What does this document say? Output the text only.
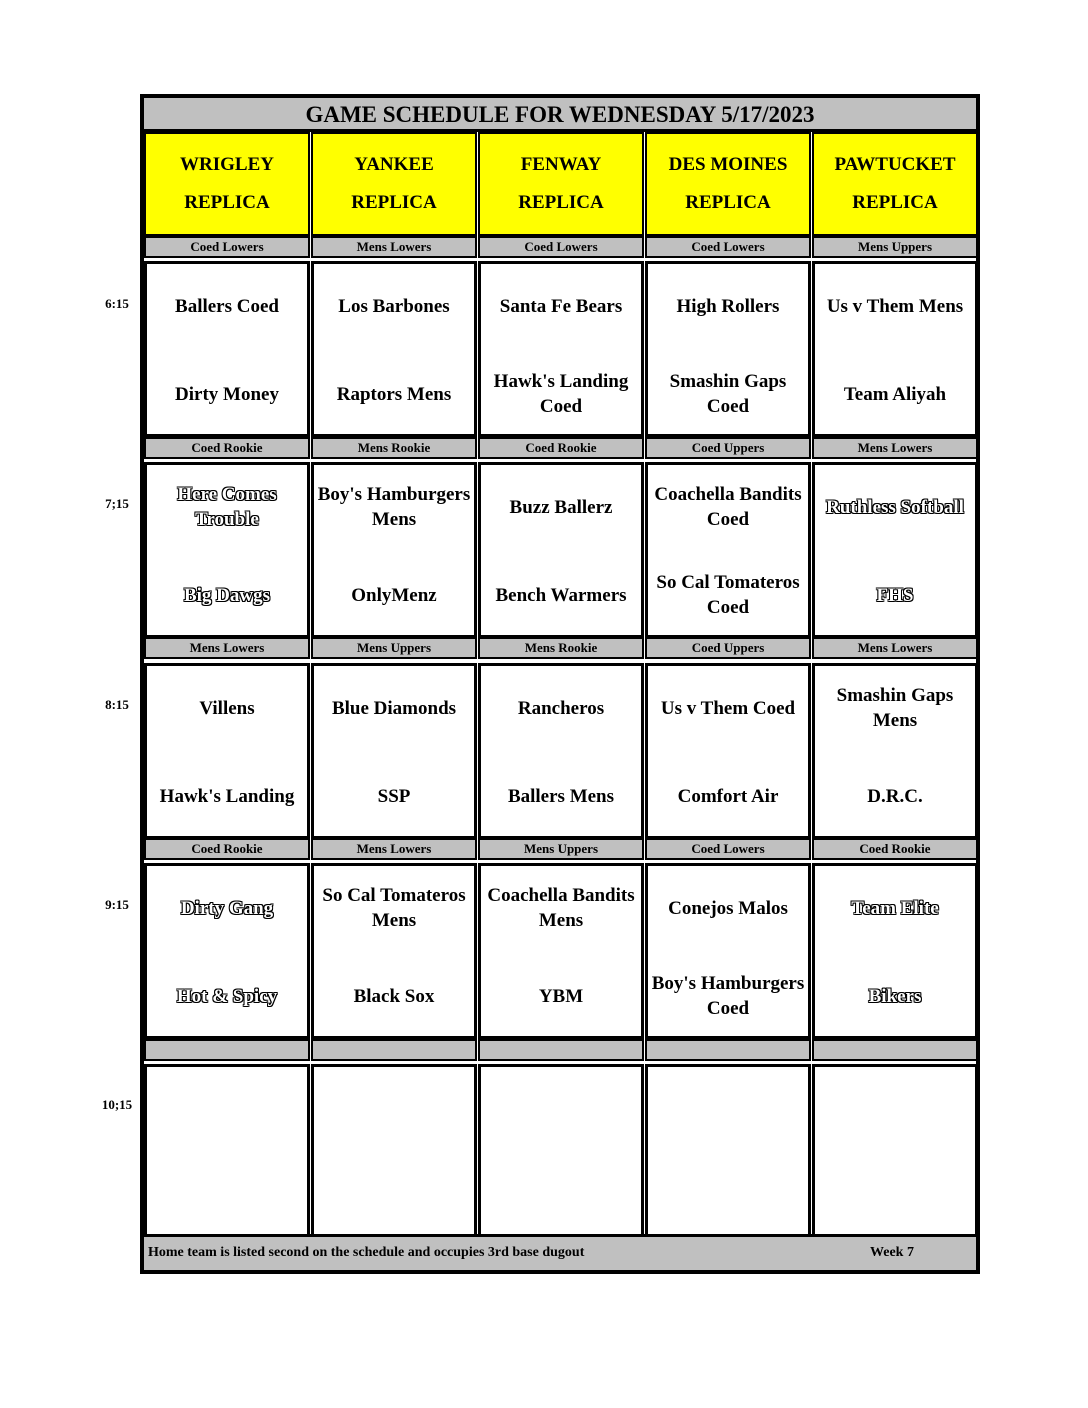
GAME SCHEDULE FOR WEDNESDAY 5/17/2023
WRIGLEY
REPLICA
YANKEE
REPLICA
FENWAY
REPLICA
DES MOINES
REPLICA
PAWTUCKET
REPLICA
Coed Lowers
Ballers Coed
Dirty Money
Mens Lowers
Los Barbones
Raptors Mens
Coed Lowers
Santa Fe Bears
Hawk's Landing Coed
Coed Lowers
High Rollers
Smashin Gaps Coed
Mens Uppers
Us v Them Mens
Team Aliyah
Coed Rookie
Here Comes Trouble
Big Dawgs
Mens Rookie
Boy's Hamburgers Mens
OnlyMenz
Coed Rookie
Buzz Ballerz
Bench Warmers
Coed Uppers
Coachella Bandits Coed
So Cal Tomateros Coed
Mens Lowers
Ruthless Softball
FHS
Mens Lowers
Villens
Hawk's Landing
Mens Uppers
Blue Diamonds
SSP
Mens Rookie
Rancheros
Ballers Mens
Coed Uppers
Us v Them Coed
Comfort Air
Mens Lowers
Smashin Gaps Mens
D.R.C.
Coed Rookie
Dirty Gang
Hot & Spicy
Mens Lowers
So Cal Tomateros Mens
Black Sox
Mens Uppers
Coachella Bandits Mens
YBM
Coed Lowers
Conejos Malos
Boy's Hamburgers Coed
Coed Rookie
Team Elite
Bikers
Home team is listed second on the schedule and occupies 3rd base dugout	Week 7
6:15
7;15
8:15
9:15
10;15
